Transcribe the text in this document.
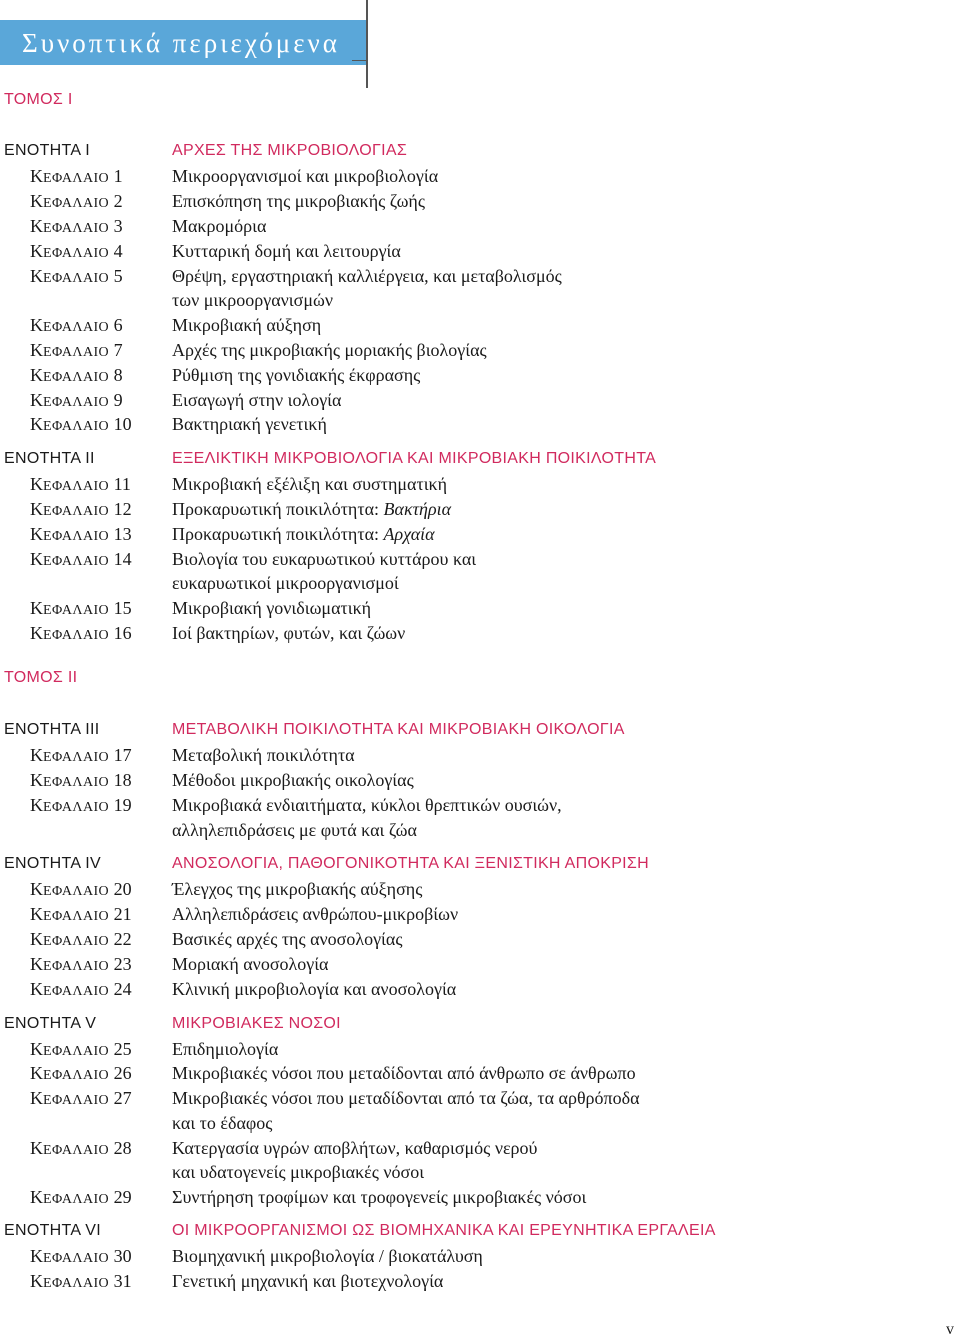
Συνοπτικά περιεχόμενα
ΤΟΜΟΣ Ι
ΕΝΟΤΗΤΑ Ι	ΑΡΧΕΣ ΤΗΣ ΜΙΚΡΟΒΙΟΛΟΓΙΑΣ
ΚΕΦΑΛΑΙΟ 1	Μικροοργανισμοί και μικροβιολογία
ΚΕΦΑΛΑΙΟ 2	Επισκόπηση της μικροβιακής ζωής
ΚΕΦΑΛΑΙΟ 3	Μακρομόρια
ΚΕΦΑΛΑΙΟ 4	Κυτταρική δομή και λειτουργία
ΚΕΦΑΛΑΙΟ 5	Θρέψη, εργαστηριακή καλλιέργεια, και μεταβολισμός
των μικροοργανισμών
ΚΕΦΑΛΑΙΟ 6	Μικροβιακή αύξηση
ΚΕΦΑΛΑΙΟ 7	Αρχές της μικροβιακής μοριακής βιολογίας
ΚΕΦΑΛΑΙΟ 8	Ρύθμιση της γονιδιακής έκφρασης
ΚΕΦΑΛΑΙΟ 9	Εισαγωγή στην ιολογία
ΚΕΦΑΛΑΙΟ 10 Βακτηριακή γενετική
ΕΝΟΤΗΤΑ ΙΙ	ΕΞΕΛΙΚΤΙΚΗ ΜΙΚΡΟΒΙΟΛΟΓΙΑ ΚΑΙ ΜΙΚΡΟΒΙΑΚΗ ΠΟΙΚΙΛΟΤΗΤΑ
ΚΕΦΑΛΑΙΟ 11 Μικροβιακή εξέλιξη και συστηματική
ΚΕΦΑΛΑΙΟ 12 Προκαρυωτική ποικιλότητα: Βακτήρια
ΚΕΦΑΛΑΙΟ 13 Προκαρυωτική ποικιλότητα: Αρχαία
ΚΕΦΑΛΑΙΟ 14 Βιολογία του ευκαρυωτικού κυττάρου και
ευκαρυωτικοί μικροοργανισμοί
ΚΕΦΑΛΑΙΟ 15 Μικροβιακή γονιδιωματική
ΚΕΦΑΛΑΙΟ 16 Ιοί βακτηρίων, φυτών, και ζώων
ΤΟΜΟΣ ΙΙ
ΕΝΟΤΗΤΑ ΙΙΙ	ΜΕΤΑΒΟΛΙΚΗ ΠΟΙΚΙΛΟΤΗΤΑ ΚΑΙ ΜΙΚΡΟΒΙΑΚΗ ΟΙΚΟΛΟΓΙΑ
ΚΕΦΑΛΑΙΟ 17 Μεταβολική ποικιλότητα
ΚΕΦΑΛΑΙΟ 18 Μέθοδοι μικροβιακής οικολογίας
ΚΕΦΑΛΑΙΟ 19 Μικροβιακά ενδιαιτήματα, κύκλοι θρεπτικών ουσιών,
αλληλεπιδράσεις με φυτά και ζώα
ΕΝΟΤΗΤΑ IV	ΑΝΟΣΟΛΟΓΙΑ, ΠΑΘΟΓΟΝΙΚΟΤΗΤΑ ΚΑΙ ΞΕΝΙΣΤΙΚΗ ΑΠΟΚΡΙΣΗ
ΚΕΦΑΛΑΙΟ 20 Έλεγχος της μικροβιακής αύξησης
ΚΕΦΑΛΑΙΟ 21 Αλληλεπιδράσεις ανθρώπου-μικροβίων
ΚΕΦΑΛΑΙΟ 22 Βασικές αρχές της ανοσολογίας
ΚΕΦΑΛΑΙΟ 23 Μοριακή ανοσολογία
ΚΕΦΑΛΑΙΟ 24 Κλινική μικροβιολογία και ανοσολογία
ΕΝΟΤΗΤΑ V	ΜΙΚΡΟΒΙΑΚΕΣ ΝΟΣΟΙ
ΚΕΦΑΛΑΙΟ 25 Επιδημιολογία
ΚΕΦΑΛΑΙΟ 26 Μικροβιακές νόσοι που μεταδίδονται από άνθρωπο σε άνθρωπο
ΚΕΦΑΛΑΙΟ 27 Μικροβιακές νόσοι που μεταδίδονται από τα ζώα, τα αρθρόποδα
και το έδαφος
ΚΕΦΑΛΑΙΟ 28 Κατεργασία υγρών αποβλήτων, καθαρισμός νερού
και υδατογενείς μικροβιακές νόσοι
ΚΕΦΑΛΑΙΟ 29 Συντήρηση τροφίμων και τροφογενείς μικροβιακές νόσοι
ΕΝΟΤΗΤΑ VI	ΟΙ ΜΙΚΡΟΟΡΓΑΝΙΣΜΟΙ ΩΣ ΒΙΟΜΗΧΑΝΙΚΑ ΚΑΙ ΕΡΕΥΝΗΤΙΚΑ ΕΡΓΑΛΕΙΑ
ΚΕΦΑΛΑΙΟ 30 Βιομηχανική μικροβιολογία / βιοκατάλυση
ΚΕΦΑΛΑΙΟ 31 Γενετική μηχανική και βιοτεχνολογία
v
